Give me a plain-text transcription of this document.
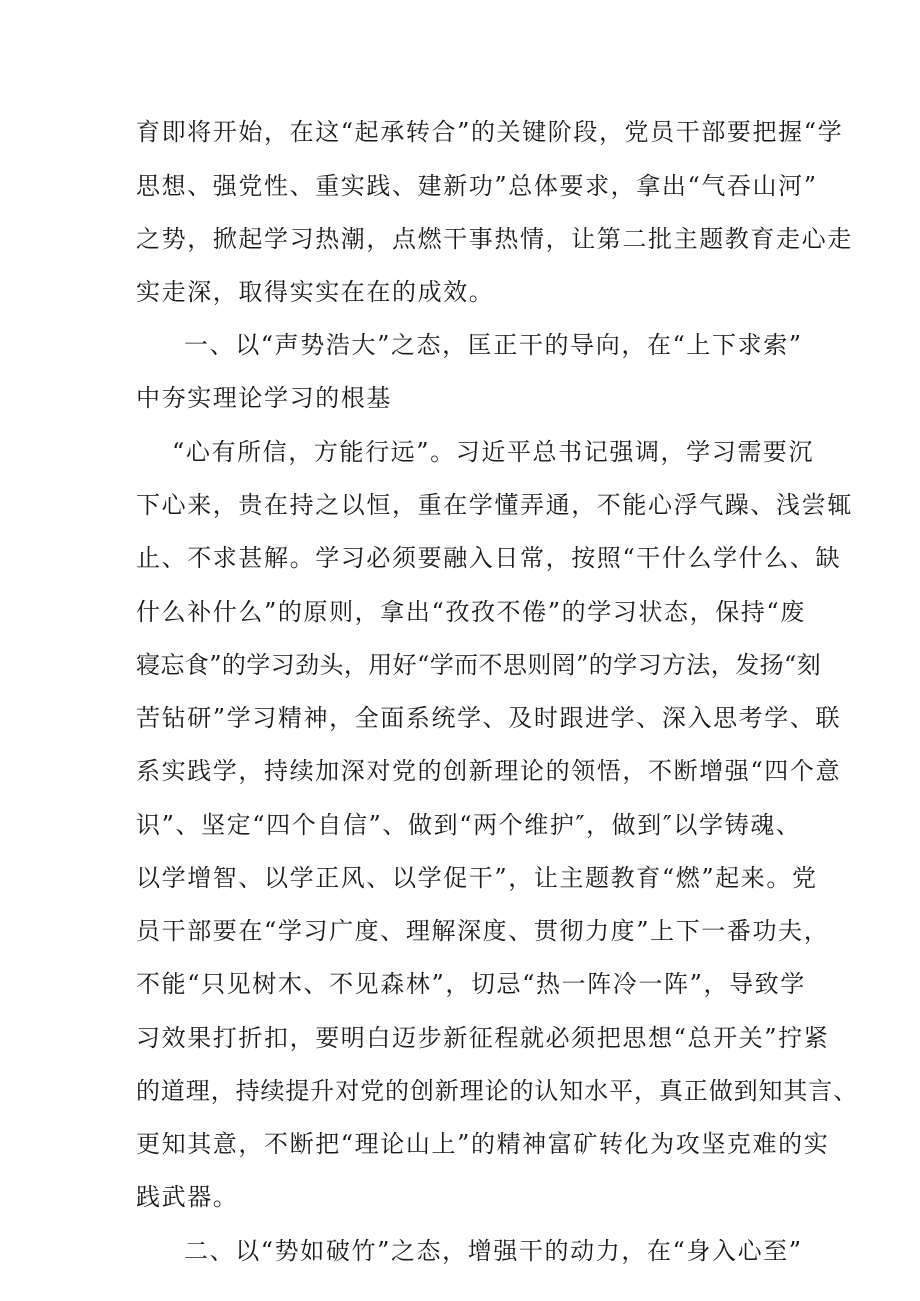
育即将开始，在这“起承转合”的关键阶段，党员干部要把握“学
思想、强党性、重实践、建新功”总体要求，拿出“气吞山河”
之势，掀起学习热潮，点燃干事热情，让第二批主题教育走心走
实走深，取得实实在在的成效。
一、以“声势浩大”之态，匡正干的导向，在“上下求索”
中夯实理论学习的根基
“心有所信，方能行远”。习近平总书记强调，学习需要沉
下心来，贵在持之以恒，重在学懂弄通，不能心浮气躁、浅尝辄
止、不求甚解。学习必须要融入日常，按照“干什么学什么、缺
什么补什么”的原则，拿出“孜孜不倦”的学习状态，保持“废
寝忘食”的学习劲头，用好“学而不思则罔”的学习方法，发扬“刻
苦钻研”学习精神，全面系统学、及时跟进学、深入思考学、联
系实践学，持续加深对党的创新理论的领悟，不断增强“四个意
识”、坚定“四个自信”、做到“两个维护″，做到″以学铸魂、
以学增智、以学正风、以学促干”，让主题教育“燃”起来。党
员干部要在“学习广度、理解深度、贯彻力度”上下一番功夫，
不能“只见树木、不见森林”，切忌“热一阵冷一阵”，导致学
习效果打折扣，要明白迈步新征程就必须把思想“总开关”拧紧
的道理，持续提升对党的创新理论的认知水平，真正做到知其言、
更知其意，不断把“理论山上”的精神富矿转化为攻坚克难的实
践武器。
二、以“势如破竹”之态，增强干的动力，在“身入心至”
